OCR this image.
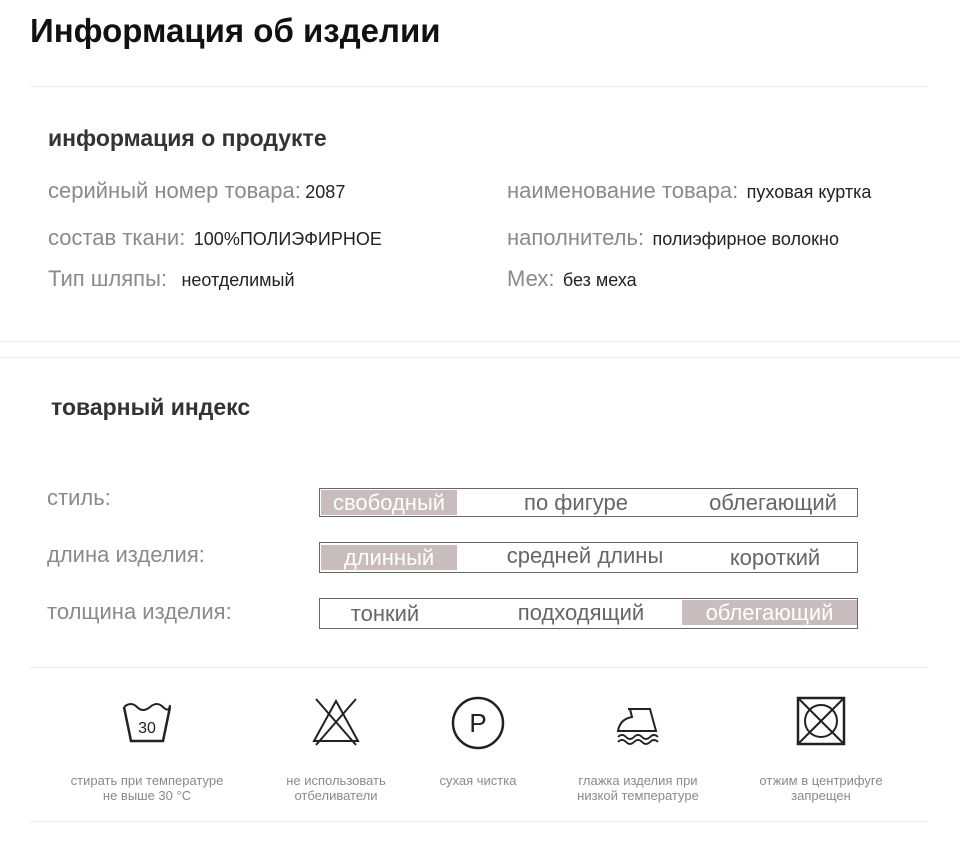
Информация об изделии
информация о продукте
серийный номер товара: 2087	наименование товара: пуховая куртка
состав ткани: 100%ПОЛИЭФИРНОЕ	наполнитель: полиэфирное волокно
Тип шляпы: неотделимый	Мех: без меха
товарный индекс
стиль:	свободный	по фигуре	облегающий
длина изделия:	длинный	средней длины	короткий
толщина изделия:	тонкий	подходящий	облегающий
30
стирать при температуре
не выше 30 °С
не использовать
отбеливатели
P
сухая чистка	глажка изделия при
низкой температуре
отжим в центрифуге
запрещен
